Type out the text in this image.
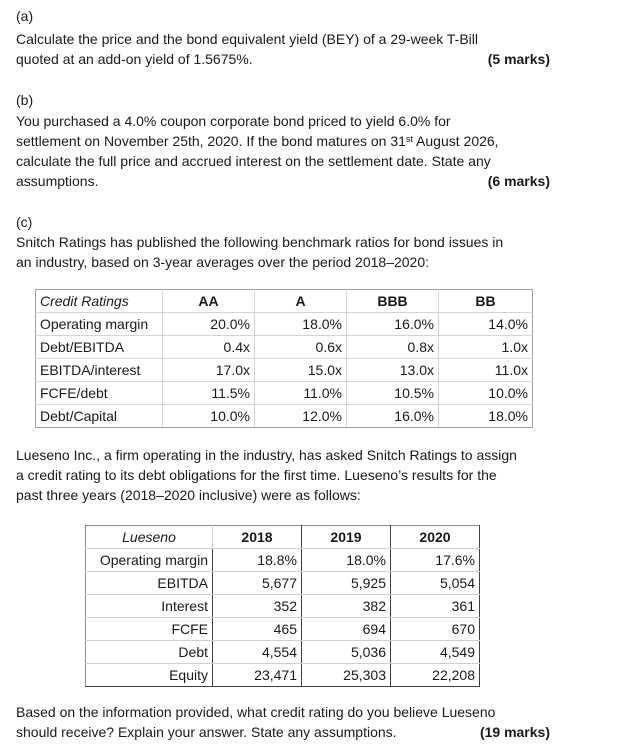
(a)
Calculate the price and the bond equivalent yield (BEY) of a 29-week T-Bill
quoted at an add-on yield of 1.5675%.	(5 marks)
(b)
You purchased a 4.0% coupon corporate bond priced to yield 6.0% for
settlement on November 25th, 2020. If the bond matures on 31st August 2026,
calculate the full price and accrued interest on the settlement date. State any
assumptions.	(6 marks)
(c)
Snitch Ratings has published the following benchmark ratios for bond issues in
an industry, based on 3-year averages over the period 2018–2020:
Credit Ratings	AA	A	BBB	BB
Operating margin	20.0%	18.0%	16.0%	14.0%
Debt/EBITDA	0.4x	0.6x	0.8x	1.0x
EBITDA/interest	17.0x	15.0x	13.0x	11.0x
FCFE/debt	11.5%	11.0%	10.5%	10.0%
Debt/Capital	10.0%	12.0%	16.0%	18.0%
Lueseno Inc., a firm operating in the industry, has asked Snitch Ratings to assign
a credit rating to its debt obligations for the first time. Lueseno’s results for the
past three years (2018–2020 inclusive) were as follows:
Lueseno	2018	2019	2020
Operating margin	18.8%	18.0%	17.6%
EBITDA	5,677	5,925	5,054
Interest	352	382	361
FCFE	465	694	670
Debt	4,554	5,036	4,549
Equity	23,471	25,303	22,208
Based on the information provided, what credit rating do you believe Lueseno
should receive? Explain your answer. State any assumptions.	(19 marks)
